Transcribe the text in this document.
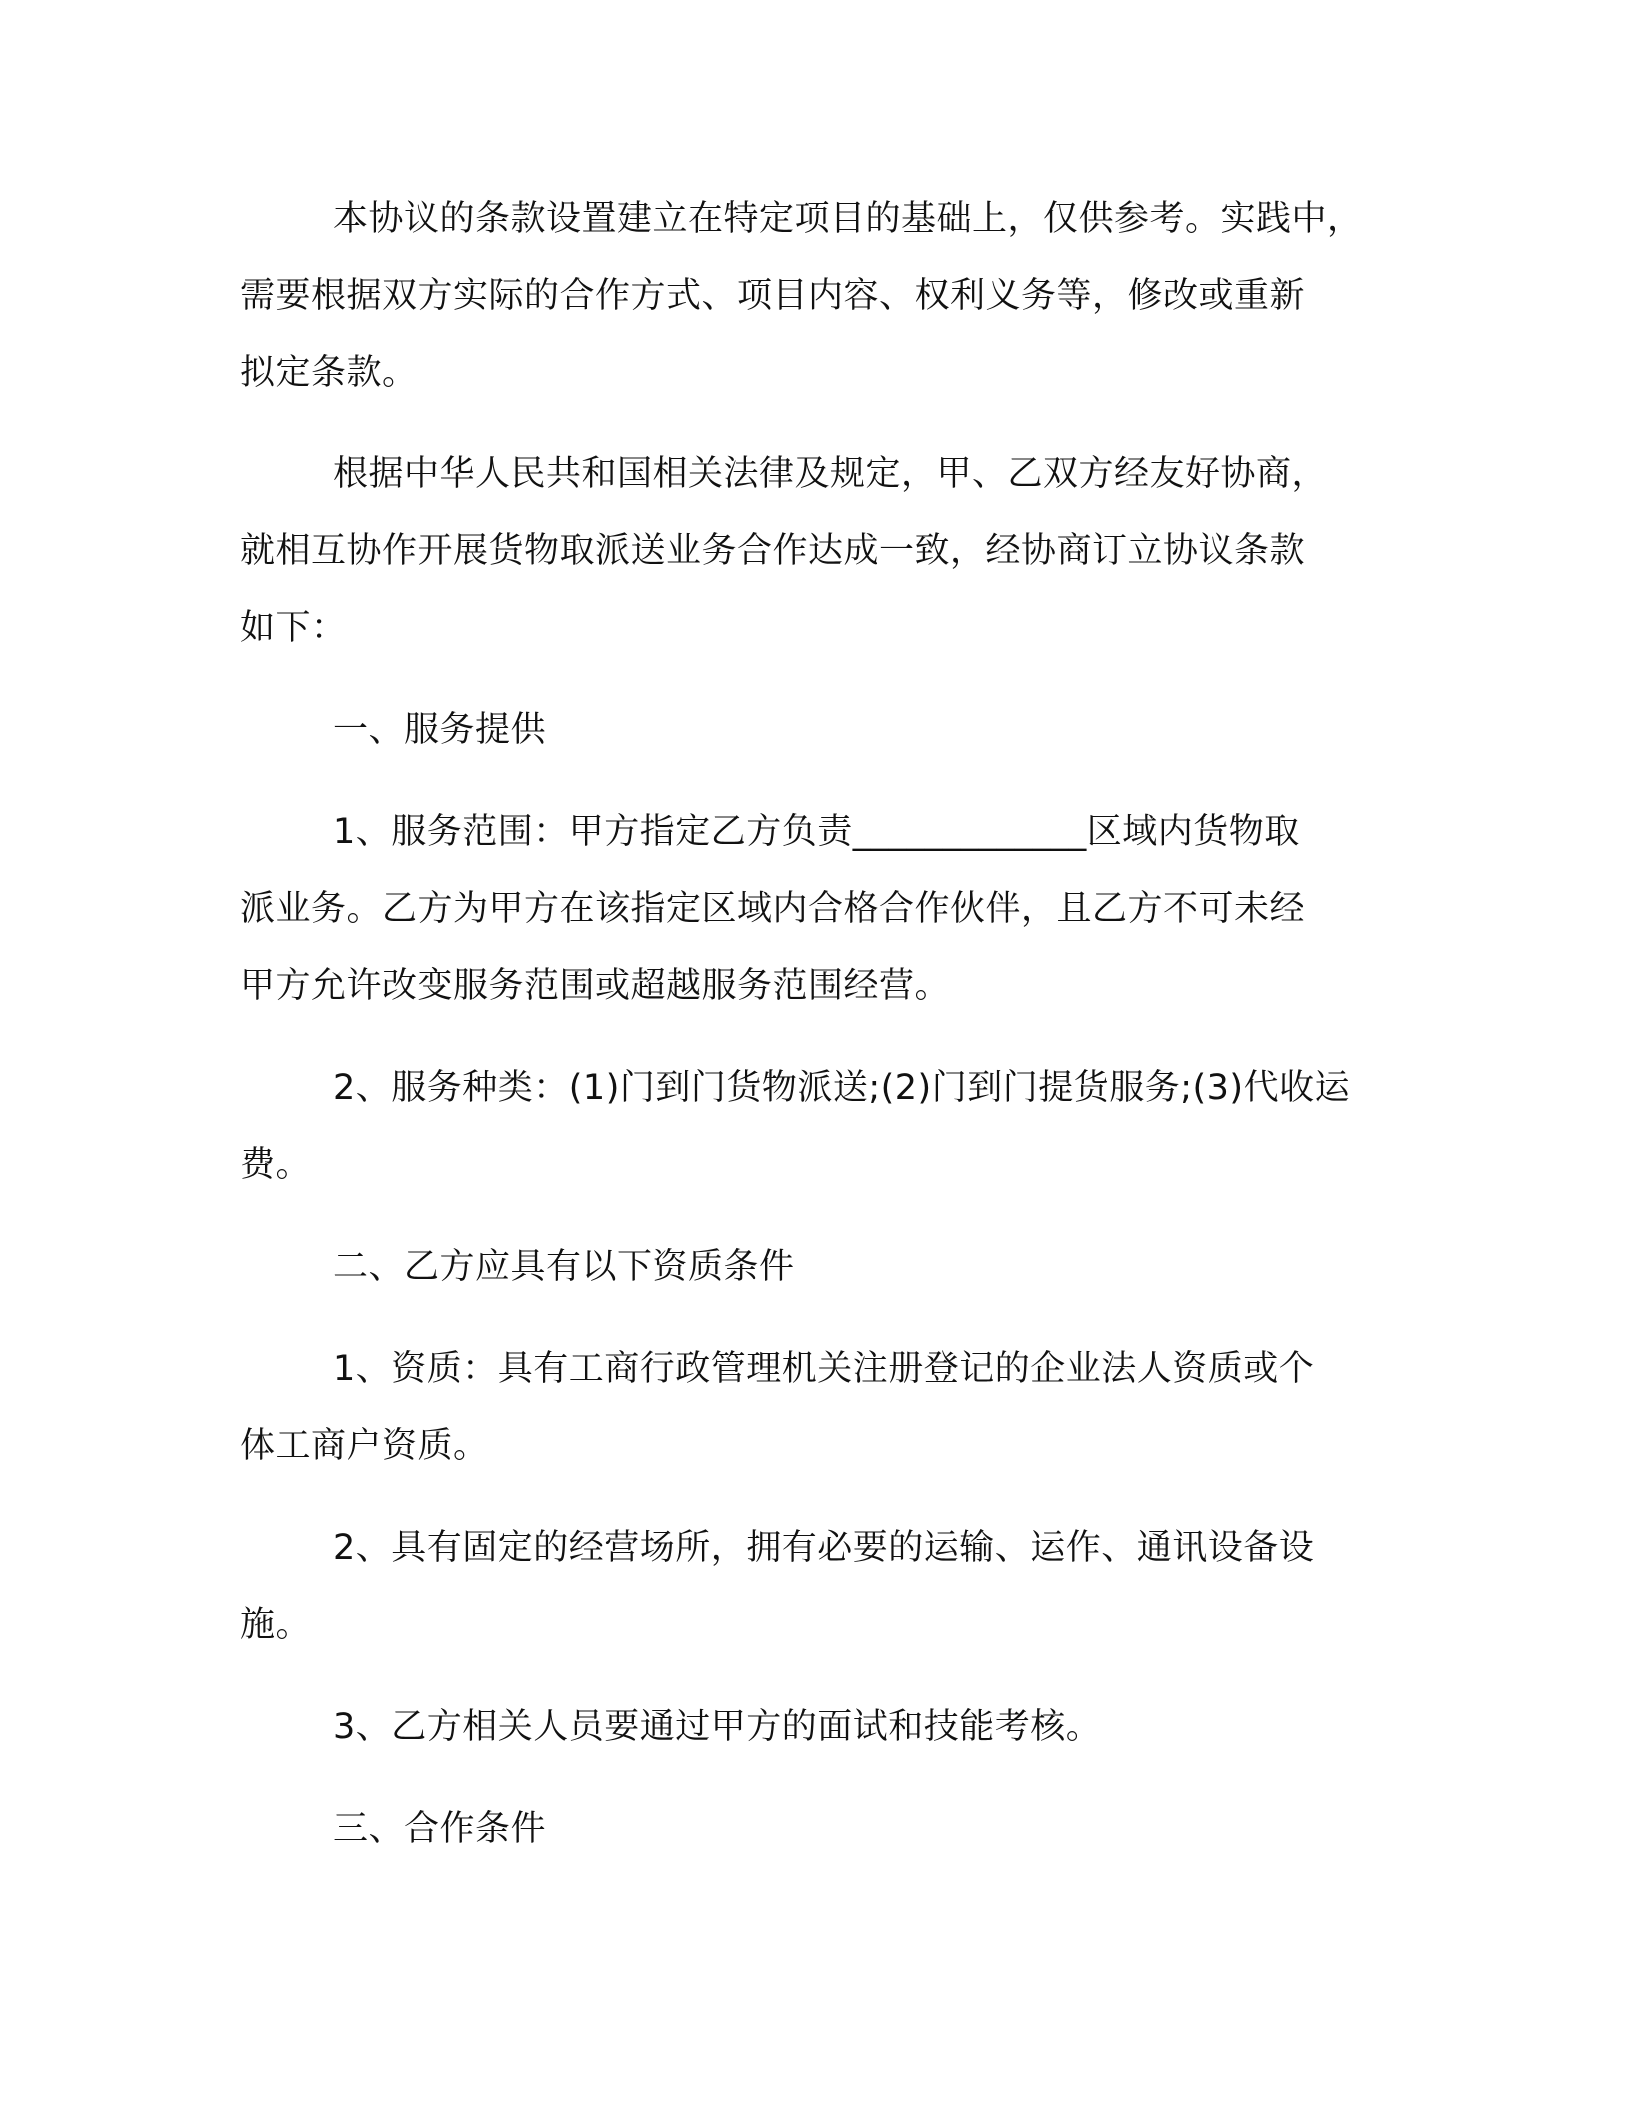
本协议的条款设置建立在特定项目的基础上，仅供参考。实践中，
需要根据双方实际的合作方式、项目内容、权利义务等，修改或重新
拟定条款。
根据中华人民共和国相关法律及规定，甲、乙双方经友好协商，
就相互协作开展货物取派送业务合作达成一致，经协商订立协议条款
如下：
一、服务提供
1、服务范围：甲方指定乙方负责_____________区域内货物取
派业务。乙方为甲方在该指定区域内合格合作伙伴，且乙方不可未经
甲方允许改变服务范围或超越服务范围经营。
2、服务种类：(1)门到门货物派送;(2)门到门提货服务;(3)代收运
费。
二、乙方应具有以下资质条件
1、资质：具有工商行政管理机关注册登记的企业法人资质或个
体工商户资质。
2、具有固定的经营场所，拥有必要的运输、运作、通讯设备设
施。
3、乙方相关人员要通过甲方的面试和技能考核。
三、合作条件
